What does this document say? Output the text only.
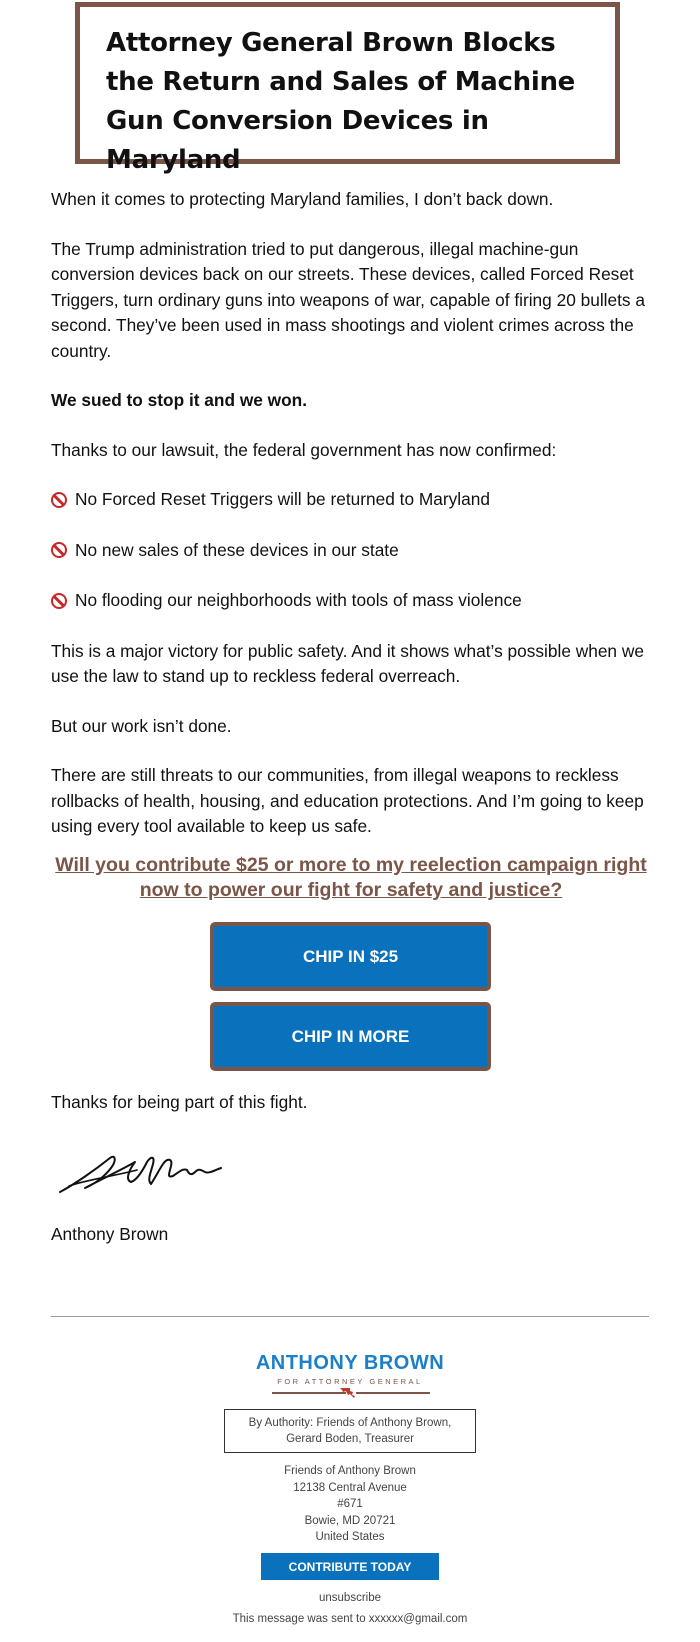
Attorney General Brown Blocks the Return and Sales of Machine Gun Conversion Devices in Maryland

When it comes to protecting Maryland families, I don’t back down.

The Trump administration tried to put dangerous, illegal machine-gun conversion devices back on our streets. These devices, called Forced Reset Triggers, turn ordinary guns into weapons of war, capable of firing 20 bullets a second. They’ve been used in mass shootings and violent crimes across the country.

We sued to stop it and we won.

Thanks to our lawsuit, the federal government has now confirmed:

No Forced Reset Triggers will be returned to Maryland
No new sales of these devices in our state
No flooding our neighborhoods with tools of mass violence

This is a major victory for public safety. And it shows what’s possible when we use the law to stand up to reckless federal overreach.

But our work isn’t done.

There are still threats to our communities, from illegal weapons to reckless rollbacks of health, housing, and education protections. And I’m going to keep using every tool available to keep us safe.

Will you contribute $25 or more to my reelection campaign right now to power our fight for safety and justice?
CHIP IN $25
CHIP IN MORE
Thanks for being part of this fight.
Anthony Brown
ANTHONY BROWN
FOR ATTORNEY GENERAL
By Authority: Friends of Anthony Brown,
Gerard Boden, Treasurer
Friends of Anthony Brown
12138 Central Avenue
#671
Bowie, MD 20721
United States
CONTRIBUTE TODAY
unsubscribe
This message was sent to xxxxxx@gmail.com
